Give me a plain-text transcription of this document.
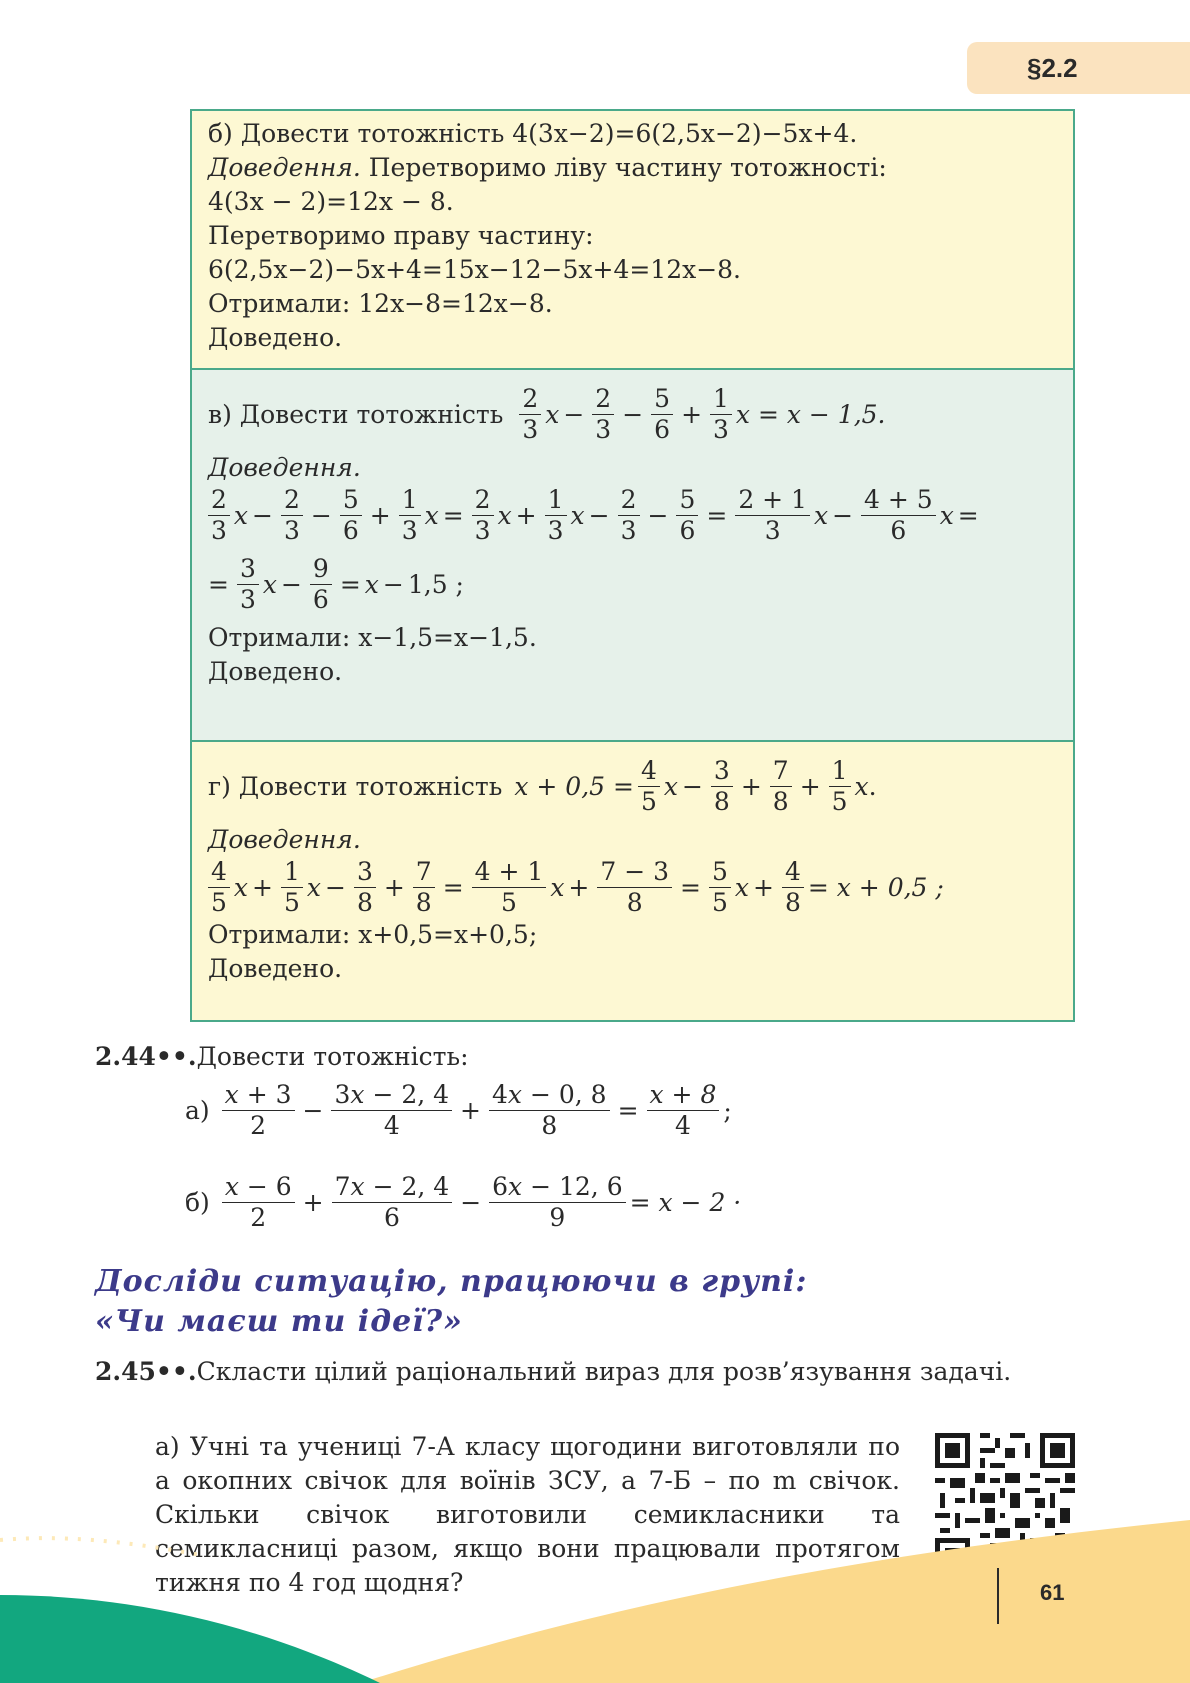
§2.2
б) Довести тотожність 4(3x−2)=6(2,5x−2)−5x+4.
Доведення. Перетворимо ліву частину тотожності:
4(3x − 2)=12x − 8.
Перетворимо праву частину:
6(2,5x−2)−5x+4=15x−12−5x+4=12x−8.
Отримали: 12x−8=12x−8.
Доведено.
в) Довести тотожність $\frac{2}{3}$ $x - \frac{2}{3} - \frac{5}{6} + \frac{1}{3}$ x = x − 1,5.
Доведення.
$\frac{2}{3}$ $x - \frac{2}{3} - \frac{5}{6} + \frac{1}{3}$ $x = \frac{2}{3}$ $x + \frac{1}{3}$ $x - \frac{2}{3} - \frac{5}{6} = \frac{2 + 1}{3}$ $x - \frac{4 + 5}{6}$ x =
= $\frac{3}{3}$ $x - \frac{9}{6} = x - 1,5$ ;
Отримали: x−1,5=x−1,5.
Доведено.
г) Довести тотожність $x + 0,5 = \frac{4}{5}$ $x - \frac{3}{8} + \frac{7}{8} + \frac{1}{5}$ x .
Доведення.
$\frac{4}{5}$ $x + \frac{1}{5}$ $x - \frac{3}{8} + \frac{7}{8} = \frac{4 + 1}{5}$ $x + \frac{7 - 3}{8} = \frac{5}{5}$ $x + \frac{4}{8} = x + 0,5$ ;
Отримали: x+0,5=x+0,5;
Доведено.
2.44••.Довести тотожність:
$а) \frac{x + 3}{2} - \frac{3x - 2, 4}{4} + \frac{4x - 0, 8}{8} = \frac{x + 8}{4}$ ;
$б) \frac{x - 6}{2} + \frac{7x - 2, 4}{6} - \frac{6x - 12, 6}{9} = x - 2$ ·
Досліди ситуацію, працюючи в групі:
«Чи маєш ти ідеї?»
2.45••.Скласти цілий раціональний вираз для розв’язування задачі.
а) Учні та учениці 7-А класу щогодини виготовляли по a окопних свічок для воїнів ЗСУ, а 7-Б – по m свічок. Скільки свічок виготовили семикласники та семикласниці разом, якщо вони працювали протягом тижня по 4 год щодня?	61
